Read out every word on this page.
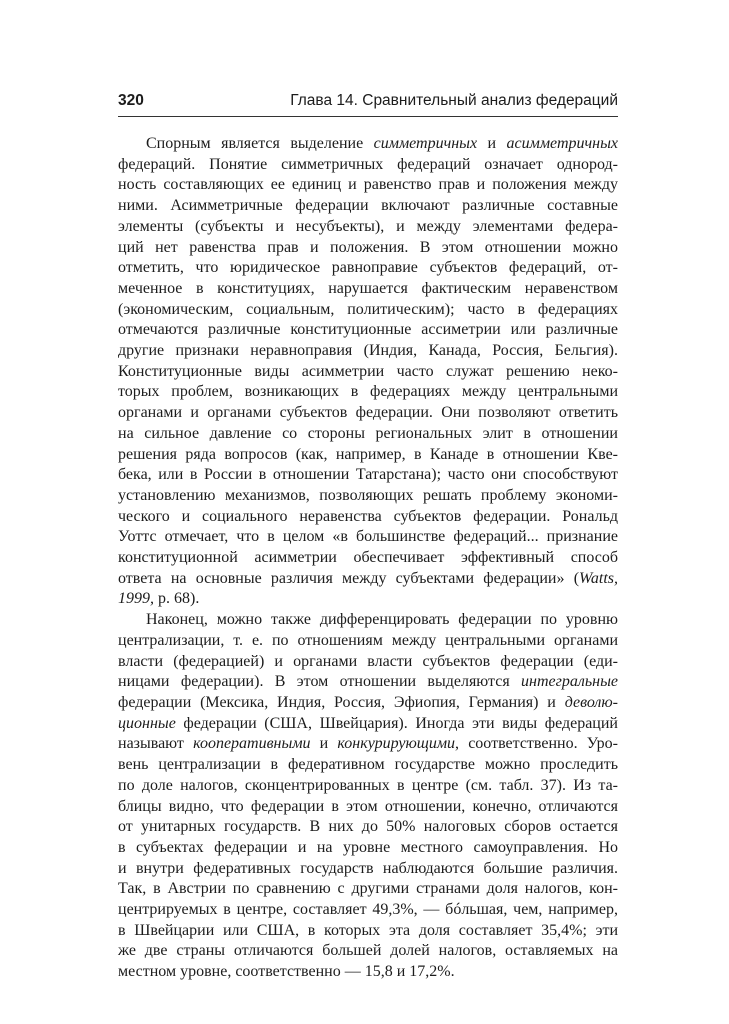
320	Глава 14. Сравнительный анализ федераций
Спорным является выделение симметричных и асимметричных
федераций. Понятие симметричных федераций означает однород-
ность составляющих ее единиц и равенство прав и положения между
ними. Асимметричные федерации включают различные составные
элементы (субъекты и несубъекты), и между элементами федера-
ций нет равенства прав и положения. В этом отношении можно
отметить, что юридическое равноправие субъектов федераций, от-
меченное в конституциях, нарушается фактическим неравенством
(экономическим, социальным, политическим); часто в федерациях
отмечаются различные конституционные ассиметрии или различные
другие признаки неравноправия (Индия, Канада, Россия, Бельгия).
Конституционные виды асимметрии часто служат решению неко-
торых проблем, возникающих в федерациях между центральными
органами и органами субъектов федерации. Они позволяют ответить
на сильное давление со стороны региональных элит в отношении
решения ряда вопросов (как, например, в Канаде в отношении Кве-
бека, или в России в отношении Татарстана); часто они способствуют
установлению механизмов, позволяющих решать проблему экономи-
ческого и социального неравенства субъектов федерации. Рональд
Уоттс отмечает, что в целом «в большинстве федераций... признание
конституционной асимметрии обеспечивает эффективный способ
ответа на основные различия между субъектами федерации» (Watts,
1999, р. 68).
Наконец, можно также дифференцировать федерации по уровню
централизации, т. е. по отношениям между центральными органами
власти (федерацией) и органами власти субъектов федерации (еди-
ницами федерации). В этом отношении выделяются интегральные
федерации (Мексика, Индия, Россия, Эфиопия, Германия) и деволю-
ционные федерации (США, Швейцария). Иногда эти виды федераций
называют кооперативными и конкурирующими, соответственно. Уро-
вень централизации в федеративном государстве можно проследить
по доле налогов, сконцентрированных в центре (см. табл. 37). Из та-
блицы видно, что федерации в этом отношении, конечно, отличаются
от унитарных государств. В них до 50% налоговых сборов остается
в субъектах федерации и на уровне местного самоуправления. Но
и внутри федеративных государств наблюдаются большие различия.
Так, в Австрии по сравнению с другими странами доля налогов, кон-
центрируемых в центре, составляет 49,3%, — бóльшая, чем, например,
в Швейцарии или США, в которых эта доля составляет 35,4%; эти
же две страны отличаются большей долей налогов, оставляемых на
местном уровне, соответственно — 15,8 и 17,2%.
